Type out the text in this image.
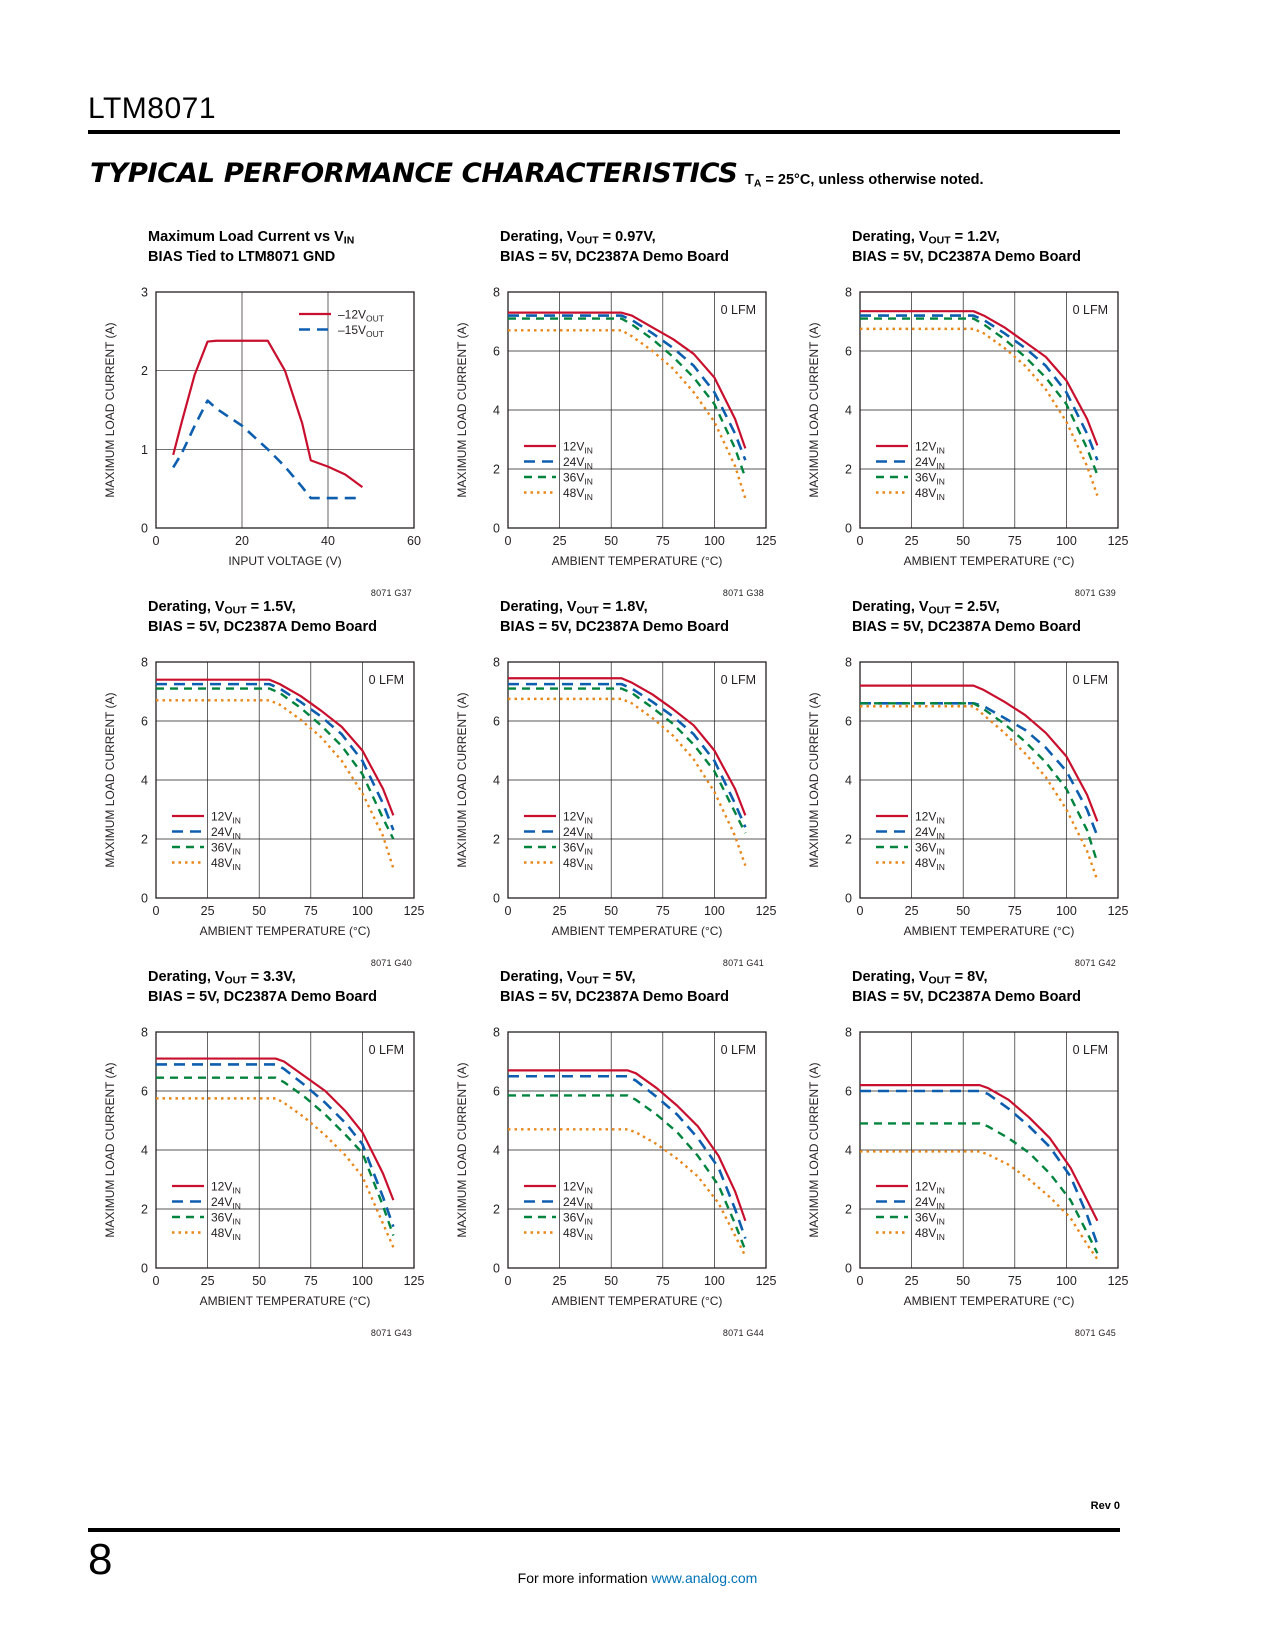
LTM8071
TYPICAL PERFORMANCE CHARACTERISTICS $T_A = 25^\circ C$, unless otherwise noted.
Maximum Load Current vs $V_{IN}$
BIAS Tied to LTM8071 GND
0	20	40	60
0
1
2
3
INPUT VOLTAGE (V)
MAXIMUM LOAD CURRENT (A)
$-12V_{OUT}$
$-15V_{OUT}$
8071 G37
Derating, $V_{OUT} = 0.97V$,
BIAS = 5V, DC2387A Demo Board
0	25	50	75	100 125
0
2
4
6
8
AMBIENT TEMPERATURE (°C)
MAXIMUM LOAD CURRENT (A)
0 LFM
$12V_{IN}$
$24V_{IN}$
$36V_{IN}$
$48V_{IN}$
8071 G38
Derating, $V_{OUT} = 1.2V$,
BIAS = 5V, DC2387A Demo Board
0	25	50	75	100 125
0
2
4
6
8
AMBIENT TEMPERATURE (°C)
MAXIMUM LOAD CURRENT (A)
0 LFM
$12V_{IN}$
$24V_{IN}$
$36V_{IN}$
$48V_{IN}$
8071 G39
Derating, $V_{OUT} = 1.5V$,
BIAS = 5V, DC2387A Demo Board
0	25	50	75	100 125
0
2
4
6
8
AMBIENT TEMPERATURE (°C)
MAXIMUM LOAD CURRENT (A)
0 LFM
$12V_{IN}$
$24V_{IN}$
$36V_{IN}$
$48V_{IN}$
8071 G40
Derating, $V_{OUT} = 1.8V$,
BIAS = 5V, DC2387A Demo Board
0	25	50	75	100 125
0
2
4
6
8
AMBIENT TEMPERATURE (°C)
MAXIMUM LOAD CURRENT (A)
0 LFM
$12V_{IN}$
$24V_{IN}$
$36V_{IN}$
$48V_{IN}$
8071 G41
Derating, $V_{OUT} = 2.5V$,
BIAS = 5V, DC2387A Demo Board
0	25	50	75	100 125
0
2
4
6
8
AMBIENT TEMPERATURE (°C)
MAXIMUM LOAD CURRENT (A)
0 LFM
$12V_{IN}$
$24V_{IN}$
$36V_{IN}$
$48V_{IN}$
8071 G42
Derating, $V_{OUT} = 3.3V$,
BIAS = 5V, DC2387A Demo Board
0	25	50	75	100 125
0
2
4
6
8
AMBIENT TEMPERATURE (°C)
MAXIMUM LOAD CURRENT (A)
0 LFM
$12V_{IN}$
$24V_{IN}$
$36V_{IN}$
$48V_{IN}$
8071 G43
Derating, $V_{OUT} = 5V$,
BIAS = 5V, DC2387A Demo Board
0	25	50	75	100 125
0
2
4
6
8
AMBIENT TEMPERATURE (°C)
MAXIMUM LOAD CURRENT (A)
0 LFM
$12V_{IN}$
$24V_{IN}$
$36V_{IN}$
$48V_{IN}$
8071 G44
Derating, $V_{OUT} = 8V$,
BIAS = 5V, DC2387A Demo Board
0	25	50	75	100 125
0
2
4
6
8
AMBIENT TEMPERATURE (°C)
MAXIMUM LOAD CURRENT (A)
0 LFM
$12V_{IN}$
$24V_{IN}$
$36V_{IN}$
$48V_{IN}$
8071 G45
Rev 0
8	For more information www.analog.com
